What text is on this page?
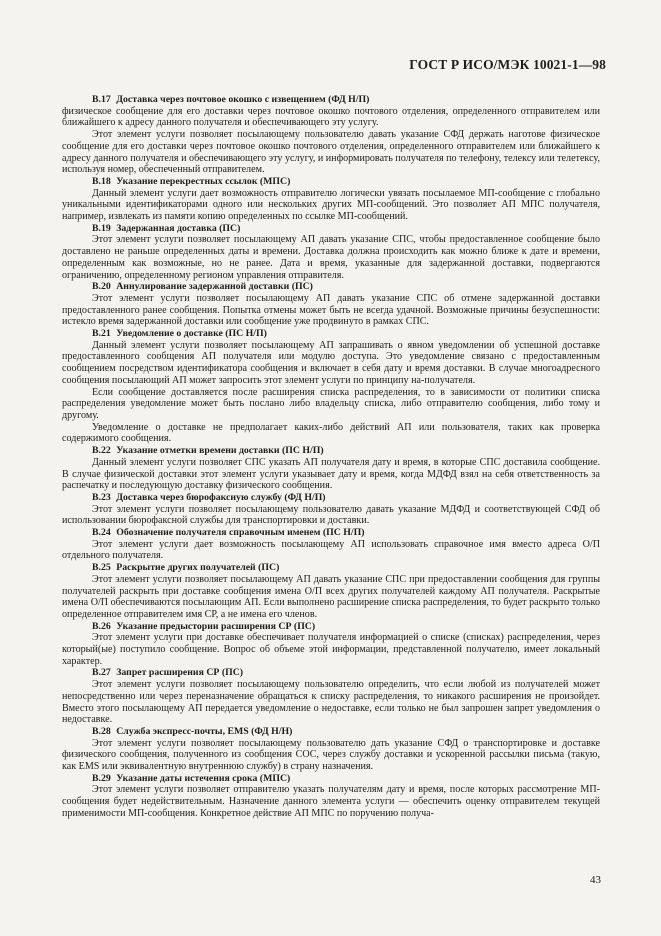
ГОСТ Р ИСО/МЭК 10021-1—98

B.17 Доставка через почтовое окошко с извещением (ФД Н/П)

физическое сообщение для его доставки через почтовое окошко почтового отделения, определенного отправителем или ближайшего к адресу данного получателя и обеспечивающего эту услугу.

Этот элемент услуги позволяет посылающему пользователю давать указание СФД держать наготове физическое сообщение для его доставки через почтовое окошко почтового отделения, определенного отправителем или ближайшего к адресу данного получателя и обеспечивающего эту услугу, и информировать получателя по телефону, телексу или телетексу, используя номер, обеспеченный отправителем.

B.18 Указание перекрестных ссылок (МПС)

Данный элемент услуги дает возможность отправителю логически увязать посылаемое МП-сообщение с глобально уникальными идентификаторами одного или нескольких других МП-сообщений. Это позволяет АП МПС получателя, например, извлекать из памяти копию определенных по ссылке МП-сообщений.

B.19 Задержанная доставка (ПС)

Этот элемент услуги позволяет посылающему АП давать указание СПС, чтобы предоставленное сообщение было доставлено не раньше определенных даты и времени. Доставка должна происходить как можно ближе к дате и времени, определенным как возможные, но не ранее. Дата и время, указанные для задержанной доставки, подвергаются ограничению, определенному регионом управления отправителя.

B.20 Аннулирование задержанной доставки (ПС)

Этот элемент услуги позволяет посылающему АП давать указание СПС об отмене задержанной доставки предоставленного ранее сообщения. Попытка отмены может быть не всегда удачной. Возможные причины безуспешности: истекло время задержанной доставки или сообщение уже продвинуто в рамках СПС.

B.21 Уведомление о доставке (ПС Н/П)

Данный элемент услуги позволяет посылающему АП запрашивать о явном уведомлении об успешной доставке предоставленного сообщения АП получателя или модулю доступа. Это уведомление связано с предоставленным сообщением посредством идентификатора сообщения и включает в себя дату и время доставки. В случае многоадресного сообщения посылающий АП может запросить этот элемент услуги по принципу на-получателя.

Если сообщение доставляется после расширения списка распределения, то в зависимости от политики списка распределения уведомление может быть послано либо владельцу списка, либо отправителю сообщения, либо тому и другому.

Уведомление о доставке не предполагает каких-либо действий АП или пользователя, таких как проверка содержимого сообщения.

B.22 Указание отметки времени доставки (ПС Н/П)

Данный элемент услуги позволяет СПС указать АП получателя дату и время, в которые СПС доставила сообщение. В случае физической доставки этот элемент услуги указывает дату и время, когда МДФД взял на себя ответственность за распечатку и последующую доставку физического сообщения.

B.23 Доставка через бюрофаксную службу (ФД Н/П)

Этот элемент услуги позволяет посылающему пользователю давать указание МДФД и соответствующей СФД об использовании бюрофаксной службы для транспортировки и доставки.

B.24 Обозначение получателя справочным именем (ПС Н/П)

Этот элемент услуги дает возможность посылающему АП использовать справочное имя вместо адреса О/П отдельного получателя.

B.25 Раскрытие других получателей (ПС)

Этот элемент услуги позволяет посылающему АП давать указание СПС при предоставлении сообщения для группы получателей раскрыть при доставке сообщения имена О/П всех других получателей каждому АП получателя. Раскрытые имена О/П обеспечиваются посылающим АП. Если выполнено расширение списка распределения, то будет раскрыто только определенное отправителем имя СР, а не имена его членов.

B.26 Указание предыстории расширения СР (ПС)

Этот элемент услуги при доставке обеспечивает получателя информацией о списке (списках) распределения, через который(ые) поступило сообщение. Вопрос об объеме этой информации, представленной получателю, имеет локальный характер.

B.27 Запрет расширения СР (ПС)

Этот элемент услуги позволяет посылающему пользователю определить, что если любой из получателей может непосредственно или через переназначение обращаться к списку распределения, то никакого расширения не произойдет. Вместо этого посылающему АП передается уведомление о недоставке, если только не был запрошен запрет уведомления о недоставке.

B.28 Служба экспресс-почты, EMS (ФД Н/Н)

Этот элемент услуги позволяет посылающему пользователю дать указание СФД о транспортировке и доставке физического сообщения, полученного из сообщения СОС, через службу доставки и ускоренной рассылки письма (такую, как EMS или эквивалентную внутреннюю службу) в страну назначения.

B.29 Указание даты истечения срока (МПС)

Этот элемент услуги позволяет отправителю указать получателям дату и время, после которых рассмотрение МП-сообщения будет недействительным. Назначение данного элемента услуги — обеспечить оценку отправителем текущей применимости МП-сообщения. Конкретное действие АП МПС по поручению получа-

43
